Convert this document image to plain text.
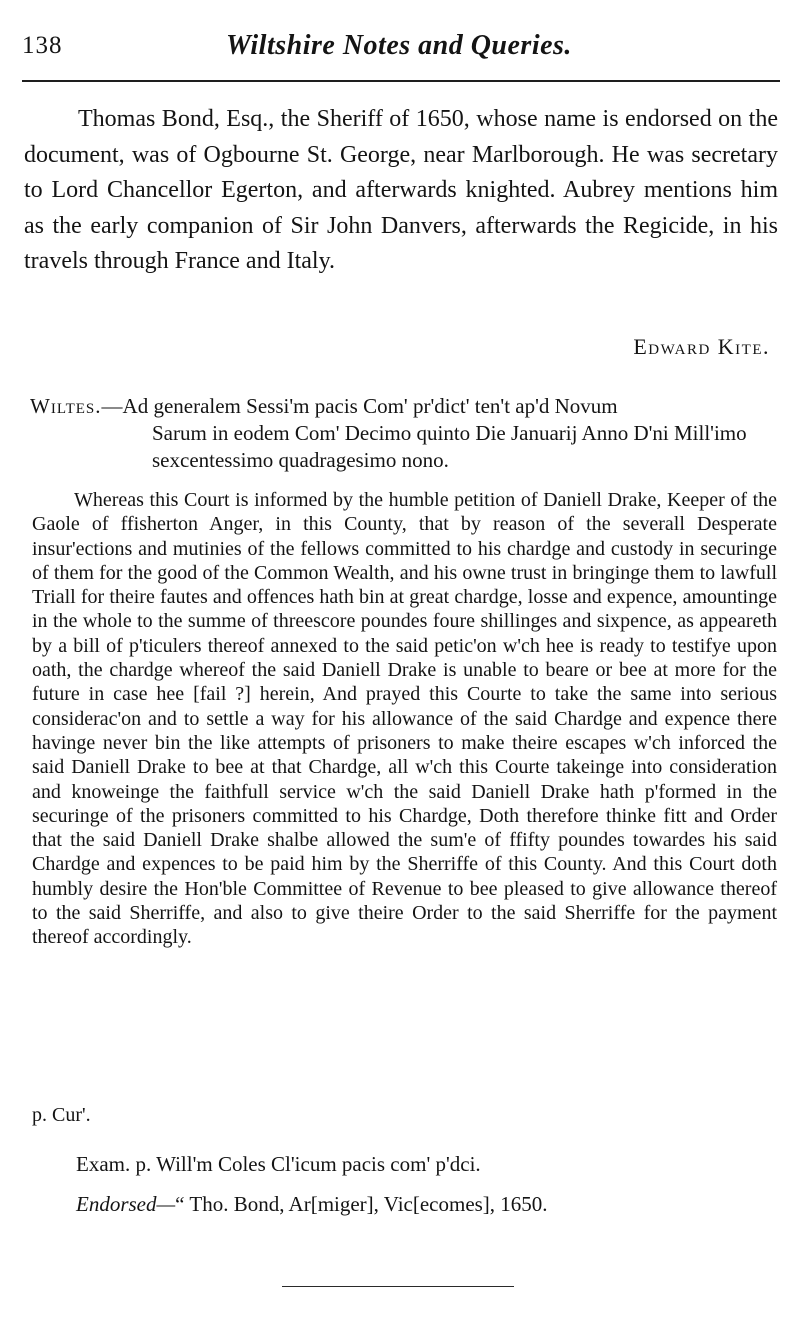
138	Wiltshire Notes and Queries.

Thomas Bond, Esq., the Sheriff of 1650, whose name is endorsed on the document, was of Ogbourne St. George, near Marlborough. He was secretary to Lord Chancellor Egerton, and afterwards knighted. Aubrey mentions him as the early companion of Sir John Danvers, afterwards the Regicide, in his travels through France and Italy.

Edward Kite.
Wiltes.—Ad generalem Sessi'm pacis Com' pr'dict' ten't ap'd Novum
Sarum in eodem Com' Decimo quinto Die Januarij Anno D'ni Mill'imo sexcentessimo quadragesimo nono.

Whereas this Court is informed by the humble petition of Daniell Drake, Keeper of the Gaole of ffisherton Anger, in this County, that by reason of the severall Desperate insur'ections and mutinies of the fellows committed to his chardge and custody in securinge of them for the good of the Common Wealth, and his owne trust in bringinge them to lawfull Triall for theire fautes and offences hath bin at great chardge, losse and expence, amountinge in the whole to the summe of threescore poundes foure shillinges and sixpence, as appeareth by a bill of p'ticulers thereof annexed to the said petic'on w'ch hee is ready to testifye upon oath, the chardge whereof the said Daniell Drake is unable to beare or bee at more for the future in case hee [fail ?] herein, And prayed this Courte to take the same into serious considerac'on and to settle a way for his allowance of the said Chardge and expence there havinge never bin the like attempts of prisoners to make theire escapes w'ch inforced the said Daniell Drake to bee at that Chardge, all w'ch this Courte takeinge into consideration and knoweinge the faithfull service w'ch the said Daniell Drake hath p'formed in the securinge of the prisoners committed to his Chardge, Doth therefore thinke fitt and Order that the said Daniell Drake shalbe allowed the sum'e of ffifty poundes towardes his said Chardge and expences to be paid him by the Sherriffe of this County. And this Court doth humbly desire the Hon'ble Committee of Revenue to bee pleased to give allowance thereof to the said Sherriffe, and also to give theire Order to the said Sherriffe for the payment thereof accordingly.

p. Cur'.
Exam. p. Will'm Coles Cl'icum pacis com' p'dci.
Endorsed—“ Tho. Bond, Ar[miger], Vic[ecomes], 1650.
